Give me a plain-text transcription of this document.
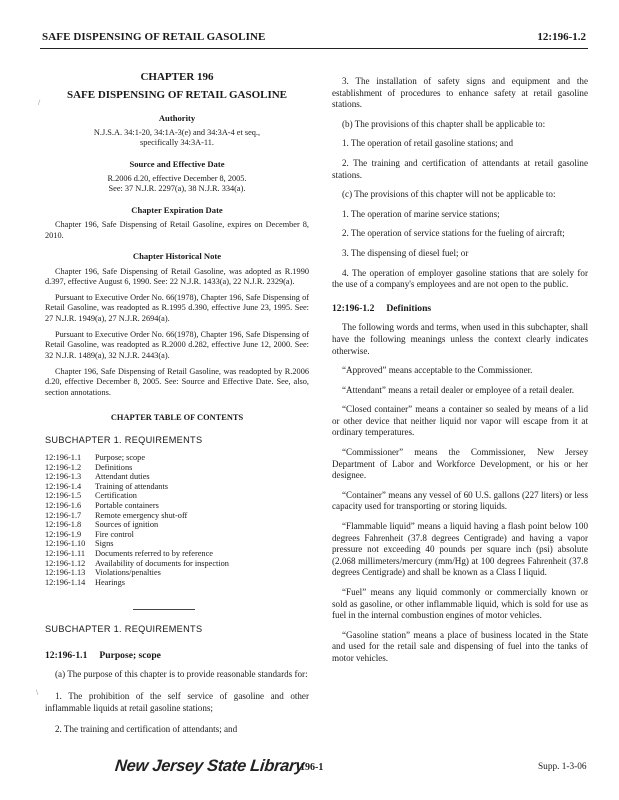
SAFE DISPENSING OF RETAIL GASOLINE	12:196-1.2
/
\
CHAPTER 196
SAFE DISPENSING OF RETAIL GASOLINE
Authority
N.J.S.A. 34:1-20, 34:1A-3(e) and 34:3A-4 et seq.,
specifically 34:3A-11.
Source and Effective Date
R.2006 d.20, effective December 8, 2005.
See: 37 N.J.R. 2297(a), 38 N.J.R. 334(a).
Chapter Expiration Date
Chapter 196, Safe Dispensing of Retail Gasoline, expires on December 8, 2010.
Chapter Historical Note
Chapter 196, Safe Dispensing of Retail Gasoline, was adopted as R.1990 d.397, effective August 6, 1990. See: 22 N.J.R. 1433(a), 22 N.J.R. 2329(a).
Pursuant to Executive Order No. 66(1978), Chapter 196, Safe Dispensing of Retail Gasoline, was readopted as R.1995 d.390, effective June 23, 1995. See: 27 N.J.R. 1949(a), 27 N.J.R. 2694(a).
Pursuant to Executive Order No. 66(1978), Chapter 196, Safe Dispensing of Retail Gasoline, was readopted as R.2000 d.282, effective June 12, 2000. See: 32 N.J.R. 1489(a), 32 N.J.R. 2443(a).
Chapter 196, Safe Dispensing of Retail Gasoline, was readopted by R.2006 d.20, effective December 8, 2005. See: Source and Effective Date. See, also, section annotations.
CHAPTER TABLE OF CONTENTS
SUBCHAPTER 1. REQUIREMENTS
12:196-1.1	Purpose; scope
12:196-1.2	Definitions
12:196-1.3	Attendant duties
12:196-1.4	Training of attendants
12:196-1.5	Certification
12:196-1.6	Portable containers
12:196-1.7	Remote emergency shut-off
12:196-1.8	Sources of ignition
12:196-1.9	Fire control
12:196-1.10	Signs
12:196-1.11	Documents referred to by reference
12:196-1.12	Availability of documents for inspection
12:196-1.13	Violations/penalties
12:196-1.14	Hearings
SUBCHAPTER 1. REQUIREMENTS
12:196-1.1 Purpose; scope
(a) The purpose of this chapter is to provide reasonable standards for:
1. The prohibition of the self service of gasoline and other inflammable liquids at retail gasoline stations;
2. The training and certification of attendants; and
3. The installation of safety signs and equipment and the establishment of procedures to enhance safety at retail gasoline stations.
(b) The provisions of this chapter shall be applicable to:
1. The operation of retail gasoline stations; and
2. The training and certification of attendants at retail gasoline stations.
(c) The provisions of this chapter will not be applicable to:
1. The operation of marine service stations;
2. The operation of service stations for the fueling of aircraft;
3. The dispensing of diesel fuel; or
4. The operation of employer gasoline stations that are solely for the use of a company's employees and are not open to the public.
12:196-1.2 Definitions
The following words and terms, when used in this subchapter, shall have the following meanings unless the context clearly indicates otherwise.
“Approved” means acceptable to the Commissioner.
“Attendant” means a retail dealer or employee of a retail dealer.
“Closed container” means a container so sealed by means of a lid or other device that neither liquid nor vapor will escape from it at ordinary temperatures.
“Commissioner” means the Commissioner, New Jersey Department of Labor and Workforce Development, or his or her designee.
“Container” means any vessel of 60 U.S. gallons (227 liters) or less capacity used for transporting or storing liquids.
“Flammable liquid” means a liquid having a flash point below 100 degrees Fahrenheit (37.8 degrees Centigrade) and having a vapor pressure not exceeding 40 pounds per square inch (psi) absolute (2.068 millimeters/mercury (mm/Hg) at 100 degrees Fahrenheit (37.8 degrees Centigrade) and shall be known as a Class I liquid.
“Fuel” means any liquid commonly or commercially known or sold as gasoline, or other inflammable liquid, which is sold for use as fuel in the internal combustion engines of motor vehicles.
“Gasoline station” means a place of business located in the State and used for the retail sale and dispensing of fuel into the tanks of motor vehicles.
New Jersey State Library
196-1	Supp. 1-3-06
